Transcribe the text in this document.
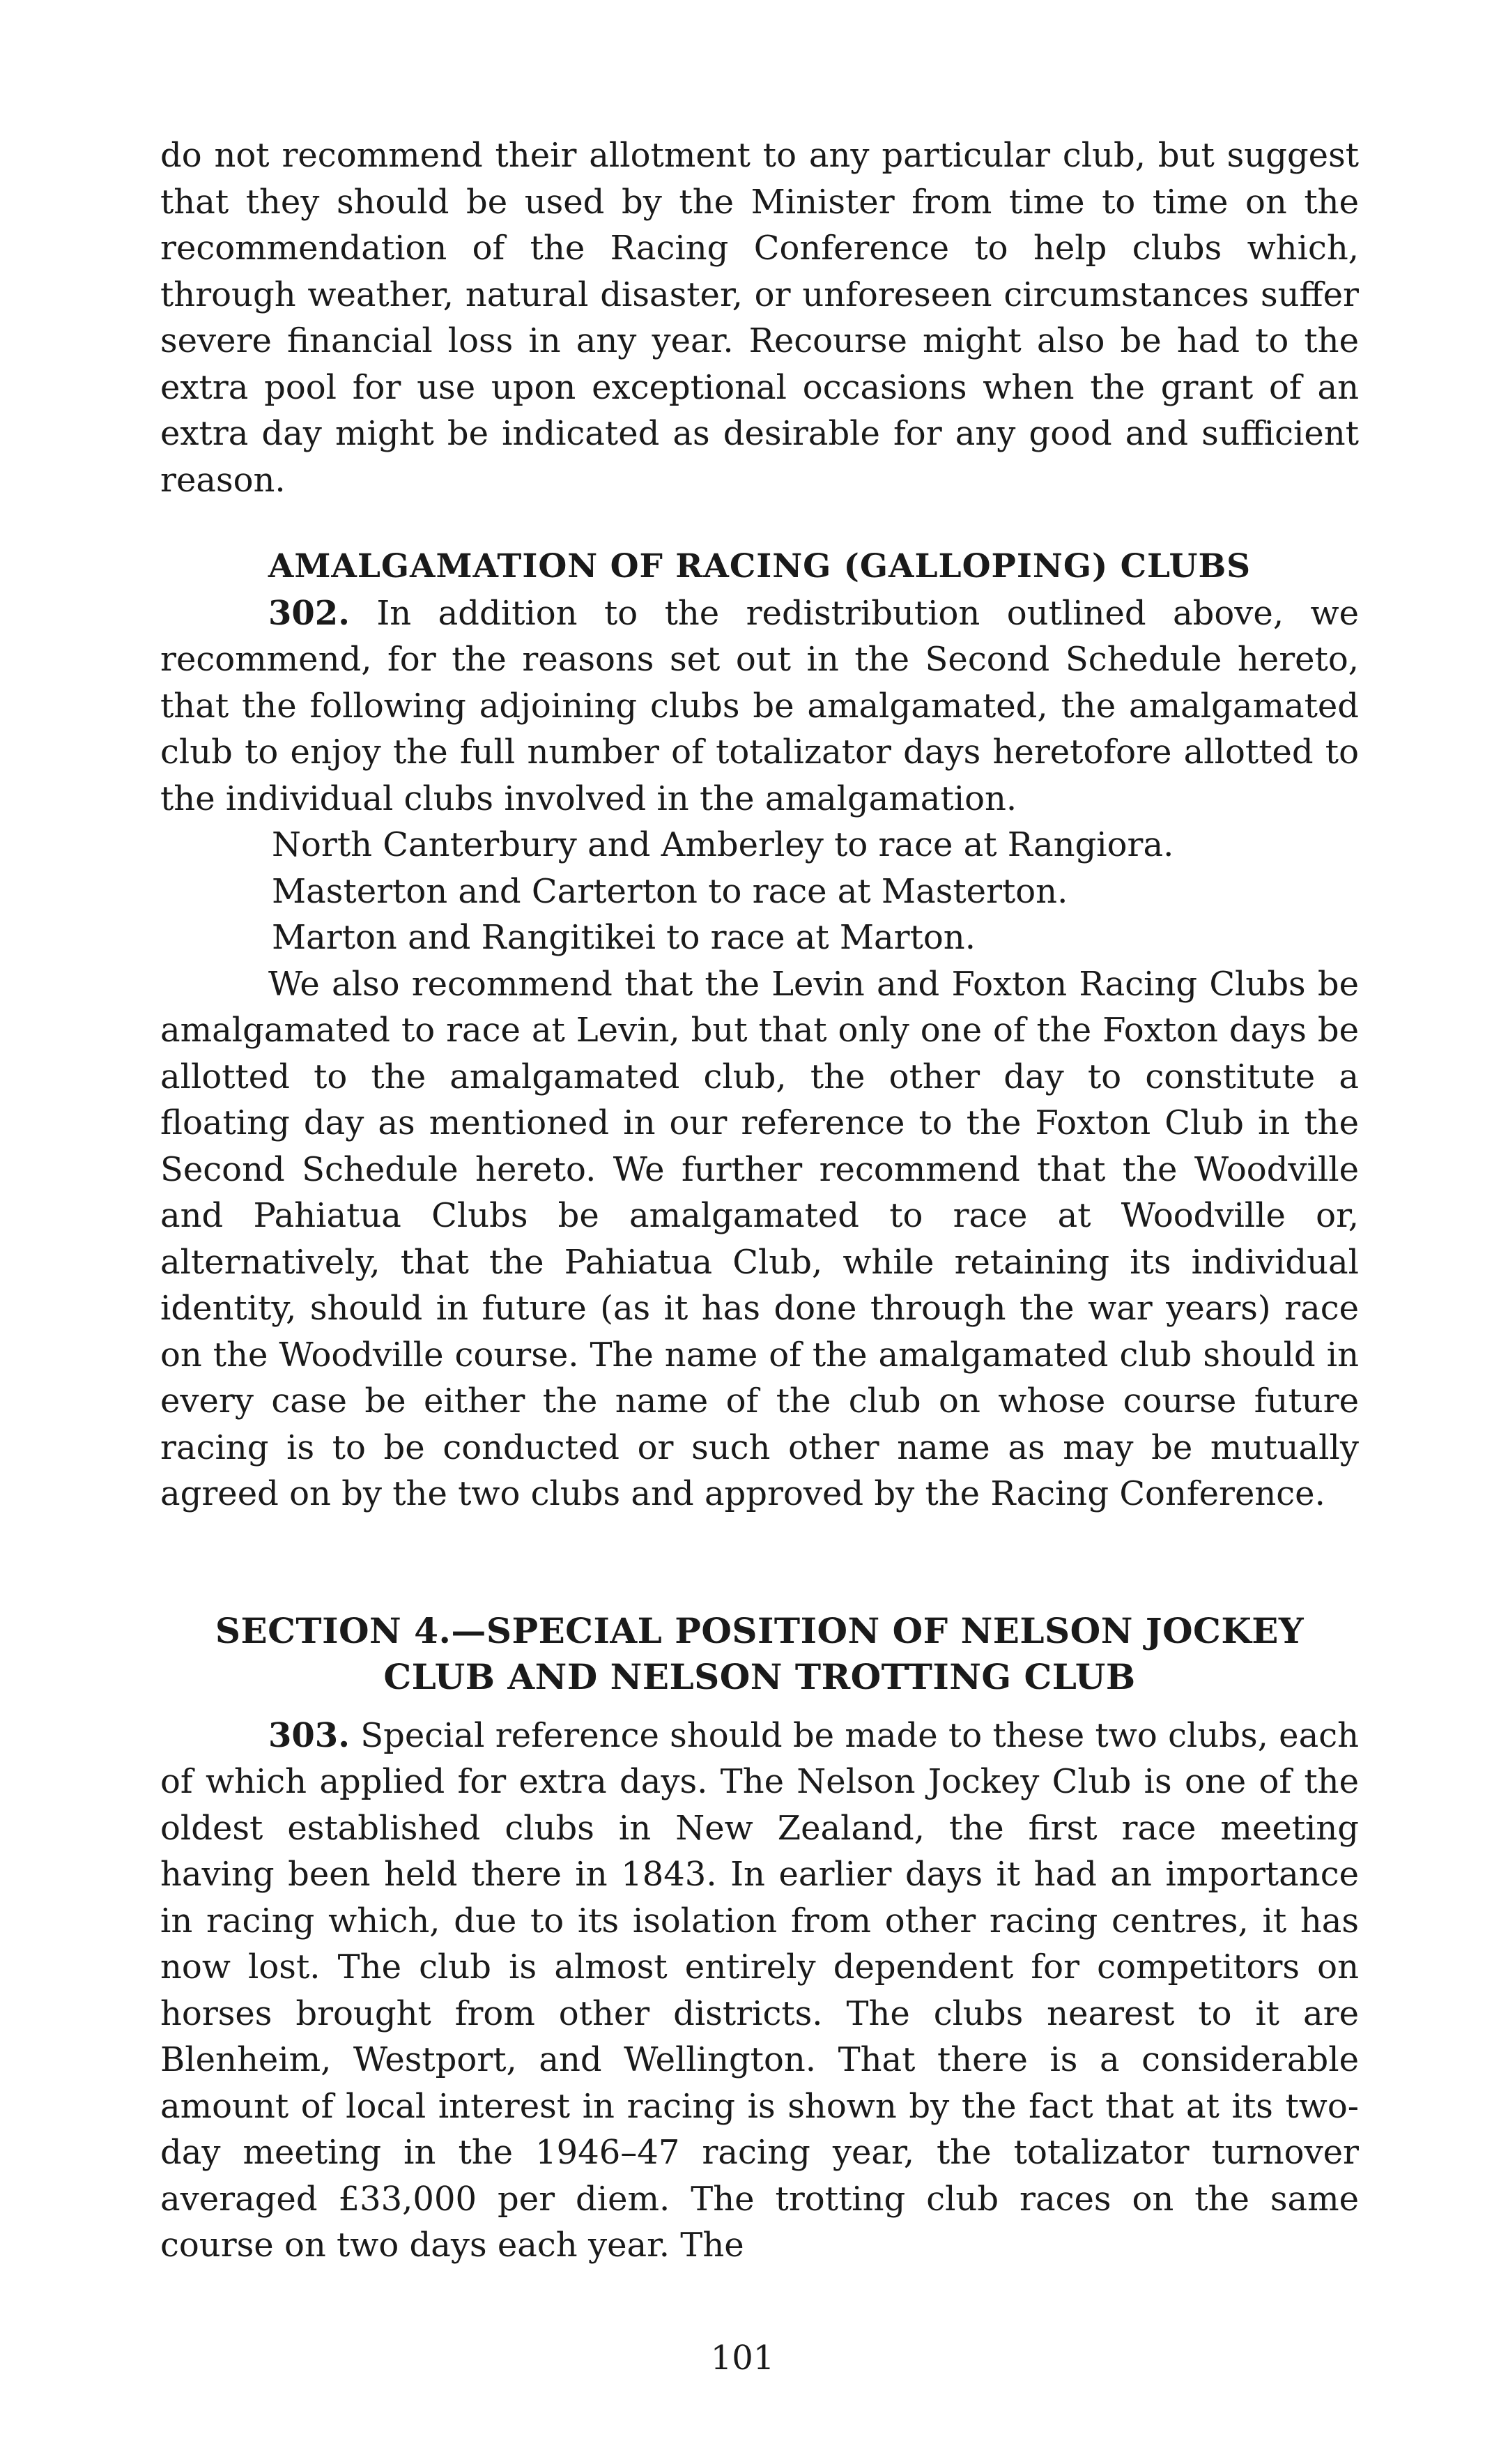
do not recommend their allotment to any particular club, but suggest that they should be used by the Minister from time to time on the recommendation of the Racing Conference to help clubs which, through weather, natural disaster, or unforeseen circumstances suffer severe financial loss in any year. Recourse might also be had to the extra pool for use upon exceptional occasions when the grant of an extra day might be indicated as desirable for any good and sufficient reason.

AMALGAMATION OF RACING (GALLOPING) CLUBS

302. In addition to the redistribution outlined above, we recommend, for the reasons set out in the Second Schedule hereto, that the following adjoining clubs be amalgamated, the amalgamated club to enjoy the full number of totalizator days heretofore allotted to the individual clubs involved in the amalgamation.

North Canterbury and Amberley to race at Rangiora.
Masterton and Carterton to race at Masterton.
Marton and Rangitikei to race at Marton.

We also recommend that the Levin and Foxton Racing Clubs be amalgamated to race at Levin, but that only one of the Foxton days be allotted to the amalgamated club, the other day to constitute a floating day as mentioned in our reference to the Foxton Club in the Second Schedule hereto. We further recommend that the Woodville and Pahiatua Clubs be amalgamated to race at Woodville or, alternatively, that the Pahiatua Club, while retaining its individual identity, should in future (as it has done through the war years) race on the Woodville course. The name of the amalgamated club should in every case be either the name of the club on whose course future racing is to be conducted or such other name as may be mutually agreed on by the two clubs and approved by the Racing Conference.

SECTION 4.—SPECIAL POSITION OF NELSON JOCKEY
CLUB AND NELSON TROTTING CLUB

303. Special reference should be made to these two clubs, each of which applied for extra days. The Nelson Jockey Club is one of the oldest established clubs in New Zealand, the first race meeting having been held there in 1843. In earlier days it had an importance in racing which, due to its isolation from other racing centres, it has now lost. The club is almost entirely dependent for competitors on horses brought from other districts. The clubs nearest to it are Blenheim, Westport, and Wellington. That there is a considerable amount of local interest in racing is shown by the fact that at its two-day meeting in the 1946–47 racing year, the totalizator turnover averaged £33,000 per diem. The trotting club races on the same course on two days each year. The

101
